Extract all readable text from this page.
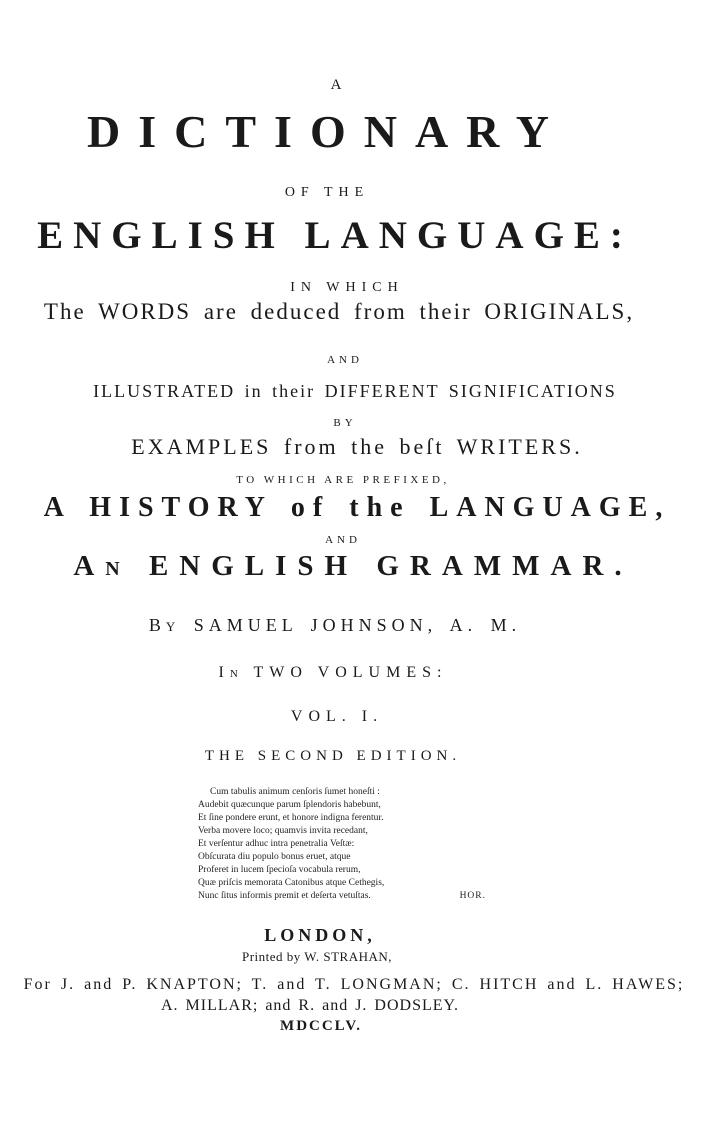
A
DICTIONARY
OF THE
ENGLISH LANGUAGE:
IN WHICH
The WORDS are deduced from their ORIGINALS,
AND
ILLUSTRATED in their DIFFERENT SIGNIFICATIONS
BY
EXAMPLES from the beſt WRITERS.
TO WHICH ARE PREFIXED,
A HISTORY of the LANGUAGE,
AND
An ENGLISH GRAMMAR.
By SAMUEL JOHNSON, A. M.
In TWO VOLUMES:
VOL. I.
THE SECOND EDITION.
Cum tabulis animum cenſoris ſumet honeſti :
Audebit quæcunque parum ſplendoris habebunt,
Et ſine pondere erunt, et honore indigna ferentur.
Verba movere loco; quamvis invita recedant,
Et verſentur adhuc intra penetralia Veſtæ:
Obſcurata diu populo bonus eruet, atque
Proferet in lucem ſpecioſa vocabula rerum,
Quæ priſcis memorata Catonibus atque Cethegis,
Nunc ſitus informis premit et deſerta vetuſtas.	HOR.
LONDON,
Printed by W. STRAHAN,
For J. and P. KNAPTON; T. and T. LONGMAN; C. HITCH and L. HAWES;
A. MILLAR; and R. and J. DODSLEY.
MDCCLV.
